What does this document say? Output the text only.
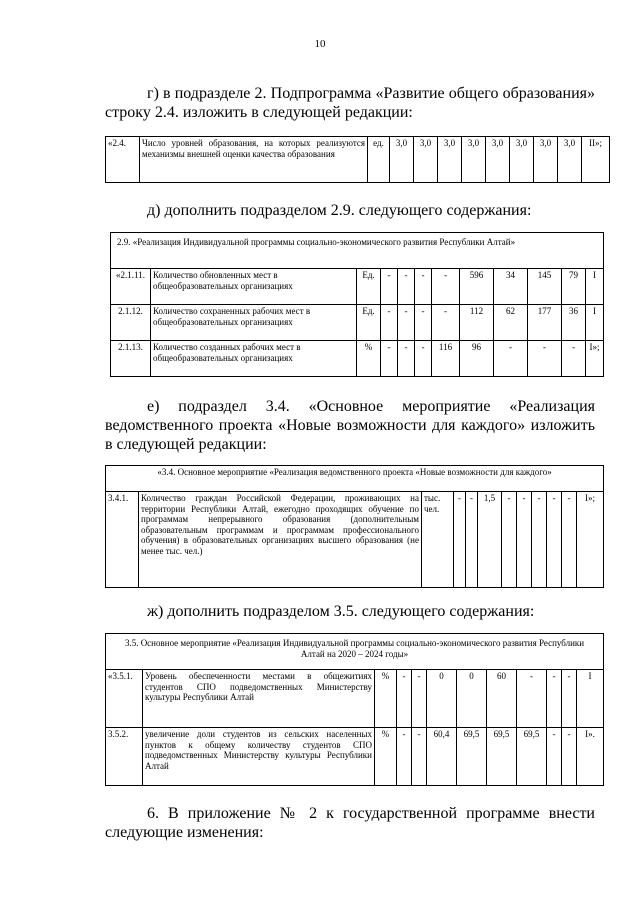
10
г) в подразделе 2. Подпрограмма «Развитие общего образования» строку 2.4. изложить в следующей редакции:
«2.4.	Число уровней образования, на которых реализуются механизмы внешней оценки качества образования	ед.	3,0	3,0	3,0	3,0	3,0	3,0	3,0	3,0	II»;
д) дополнить подразделом 2.9. следующего содержания:
2.9. «Реализация Индивидуальной программы социально-экономического развития Республики Алтай»											
«2.1.11.	Количество обновленных мест в общеобразовательных организациях	Ед.	-	-	-	-	596	34	145	79	I
2.1.12.	Количество сохраненных рабочих мест в общеобразовательных организациях	Ед.	-	-	-	-	112	62	177	36	I
2.1.13.	Количество созданных рабочих мест в общеобразовательных организациях	%	-	-	-	116	96	-	-	-	I»;
е) подраздел 3.4. «Основное мероприятие «Реализация ведомственного проекта «Новые возможности для каждого» изложить в следующей редакции:
«3.4. Основное мероприятие «Реализация ведомственного проекта «Новые возможности для каждого»
3.4.1.	Количество граждан Российской Федерации, проживающих на территории Республики Алтай, ежегодно проходящих обучение по программам непрерывного образования (дополнительным образовательным программам и программам профессионального обучения) в образовательных организациях высшего образования (не менее тыс. чел.)	тыс. чел.	-	-	1,5	-	-	-	-	-	I»;
ж) дополнить подразделом 3.5. следующего содержания:
3.5. Основное мероприятие «Реализация Индивидуальной программы социально-экономического развития Республики Алтай на 2020 – 2024 годы»											
«3.5.1.	Уровень обеспеченности местами в общежитиях студентов СПО подведомственных Министерству культуры Республики Алтай	%	-	-	0	0	60	-	-	-	I
3.5.2.	увеличение доли студентов из сельских населенных пунктов к общему количеству студентов СПО подведомственных Министерству культуры Республики Алтай	%	-	-	60,4	69,5	69,5	69,5	-	-	I».
6. В приложение № 2 к государственной программе внести следующие изменения:
